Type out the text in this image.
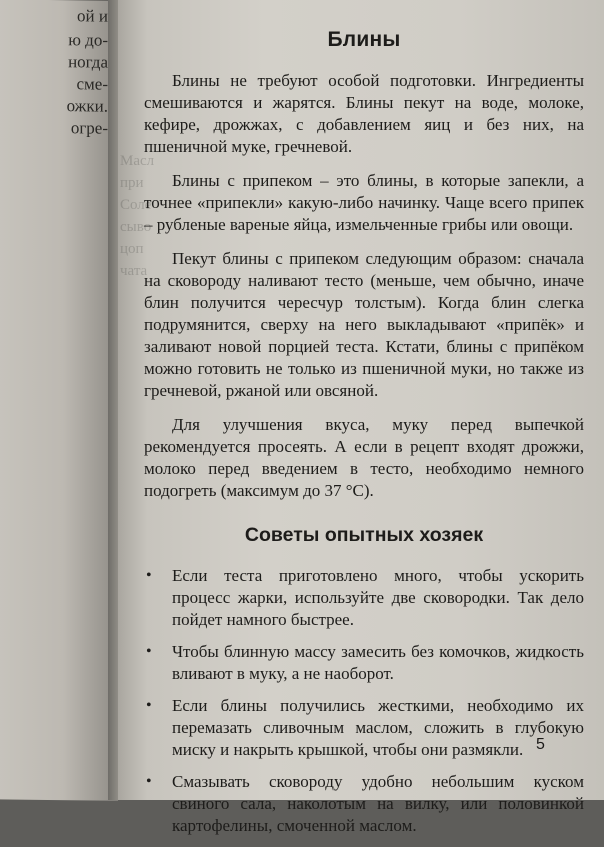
ой и
ю до-
ногда
сме-
ожки.
огре-
Масл
при
Соле
сыво
цоп
чата
Блины

Блины не требуют особой подготовки. Ингредиенты смешиваются и жарятся. Блины пекут на воде, молоке, кефире, дрожжах, с добавлением яиц и без них, на пшеничной муке, гречневой.

Блины с припеком – это блины, в которые запекли, а точнее «припекли» какую-либо начинку. Чаще всего припек – рубленые вареные яйца, измельченные грибы или овощи.

Пекут блины с припеком следующим образом: сначала на сковороду наливают тесто (меньше, чем обычно, иначе блин получится чересчур толстым). Когда блин слегка подрумянится, сверху на него выкладывают «припёк» и заливают новой порцией теста. Кстати, блины с припёком можно готовить не только из пшеничной муки, но также из гречневой, ржаной или овсяной.

Для улучшения вкуса, муку перед выпечкой рекомендуется просеять. А если в рецепт входят дрожжи, молоко перед введением в тесто, необходимо немного подогреть (максимум до 37 °С).

Советы опытных хозяек
• Если теста приготовлено много, чтобы ускорить процесс жарки, используйте две сковородки. Так дело пойдет намного быстрее.
• Чтобы блинную массу замесить без комочков, жидкость вливают в муку, а не наоборот.
• Если блины получились жесткими, необходимо их перемазать сливочным маслом, сложить в глубокую миску и накрыть крышкой, чтобы они размякли.
• Смазывать сковороду удобно небольшим куском свиного сала, наколотым на вилку, или половинкой картофелины, смоченной маслом.
5
